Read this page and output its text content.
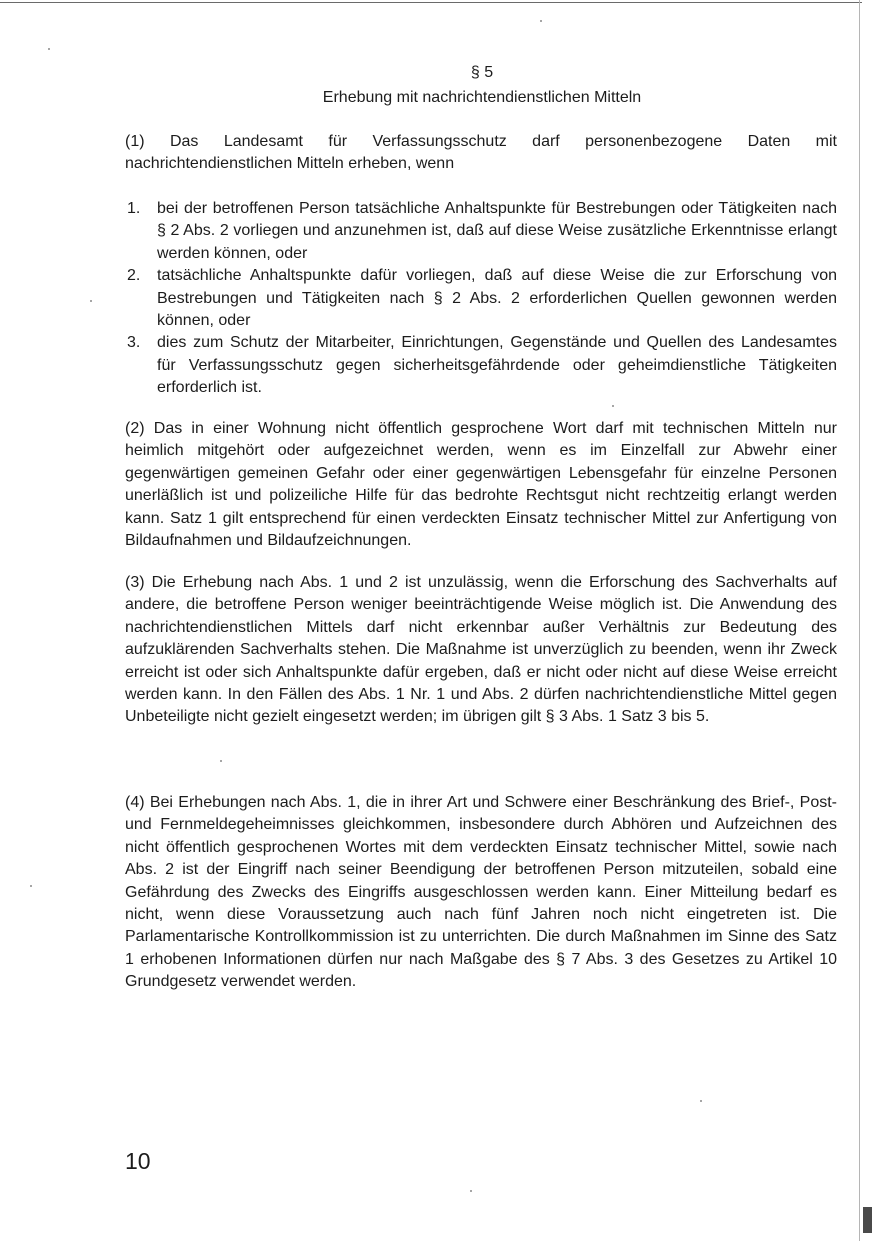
§ 5
Erhebung mit nachrichtendienstlichen Mitteln

(1) Das Landesamt für Verfassungsschutz darf personenbezogene Daten mit nachrichtendienstlichen Mitteln erheben, wenn

1. bei der betroffenen Person tatsächliche Anhaltspunkte für Bestrebungen oder Tätigkeiten nach § 2 Abs. 2 vorliegen und anzunehmen ist, daß auf diese Weise zusätzliche Erkenntnisse erlangt werden können, oder
2. tatsächliche Anhaltspunkte dafür vorliegen, daß auf diese Weise die zur Erforschung von Bestrebungen und Tätigkeiten nach § 2 Abs. 2 erforderlichen Quellen gewonnen werden können, oder
3. dies zum Schutz der Mitarbeiter, Einrichtungen, Gegenstände und Quellen des Landesamtes für Verfassungsschutz gegen sicherheitsgefährdende oder geheimdienstliche Tätigkeiten erforderlich ist.

(2) Das in einer Wohnung nicht öffentlich gesprochene Wort darf mit technischen Mitteln nur heimlich mitgehört oder aufgezeichnet werden, wenn es im Einzelfall zur Abwehr einer gegenwärtigen gemeinen Gefahr oder einer gegenwärtigen Lebensgefahr für einzelne Personen unerläßlich ist und polizeiliche Hilfe für das bedrohte Rechtsgut nicht rechtzeitig erlangt werden kann. Satz 1 gilt entsprechend für einen verdeckten Einsatz technischer Mittel zur Anfertigung von Bildaufnahmen und Bildaufzeichnungen.

(3) Die Erhebung nach Abs. 1 und 2 ist unzulässig, wenn die Erforschung des Sachverhalts auf andere, die betroffene Person weniger beeinträchtigende Weise möglich ist. Die Anwendung des nachrichtendienstlichen Mittels darf nicht erkennbar außer Verhältnis zur Bedeutung des aufzuklärenden Sachverhalts stehen. Die Maßnahme ist unverzüglich zu beenden, wenn ihr Zweck erreicht ist oder sich Anhaltspunkte dafür ergeben, daß er nicht oder nicht auf diese Weise erreicht werden kann. In den Fällen des Abs. 1 Nr. 1 und Abs. 2 dürfen nachrichtendienstliche Mittel gegen Unbeteiligte nicht gezielt eingesetzt werden; im übrigen gilt § 3 Abs. 1 Satz 3 bis 5.

(4) Bei Erhebungen nach Abs. 1, die in ihrer Art und Schwere einer Beschränkung des Brief-, Post- und Fernmeldegeheimnisses gleichkommen, insbesondere durch Abhören und Aufzeichnen des nicht öffentlich gesprochenen Wortes mit dem verdeckten Einsatz technischer Mittel, sowie nach Abs. 2 ist der Eingriff nach seiner Beendigung der betroffenen Person mitzuteilen, sobald eine Gefährdung des Zwecks des Eingriffs ausgeschlossen werden kann. Einer Mitteilung bedarf es nicht, wenn diese Voraussetzung auch nach fünf Jahren noch nicht eingetreten ist. Die Parlamentarische Kontrollkommission ist zu unterrichten. Die durch Maßnahmen im Sinne des Satz 1 erhobenen Informationen dürfen nur nach Maßgabe des § 7 Abs. 3 des Gesetzes zu Artikel 10 Grundgesetz verwendet werden.

10
